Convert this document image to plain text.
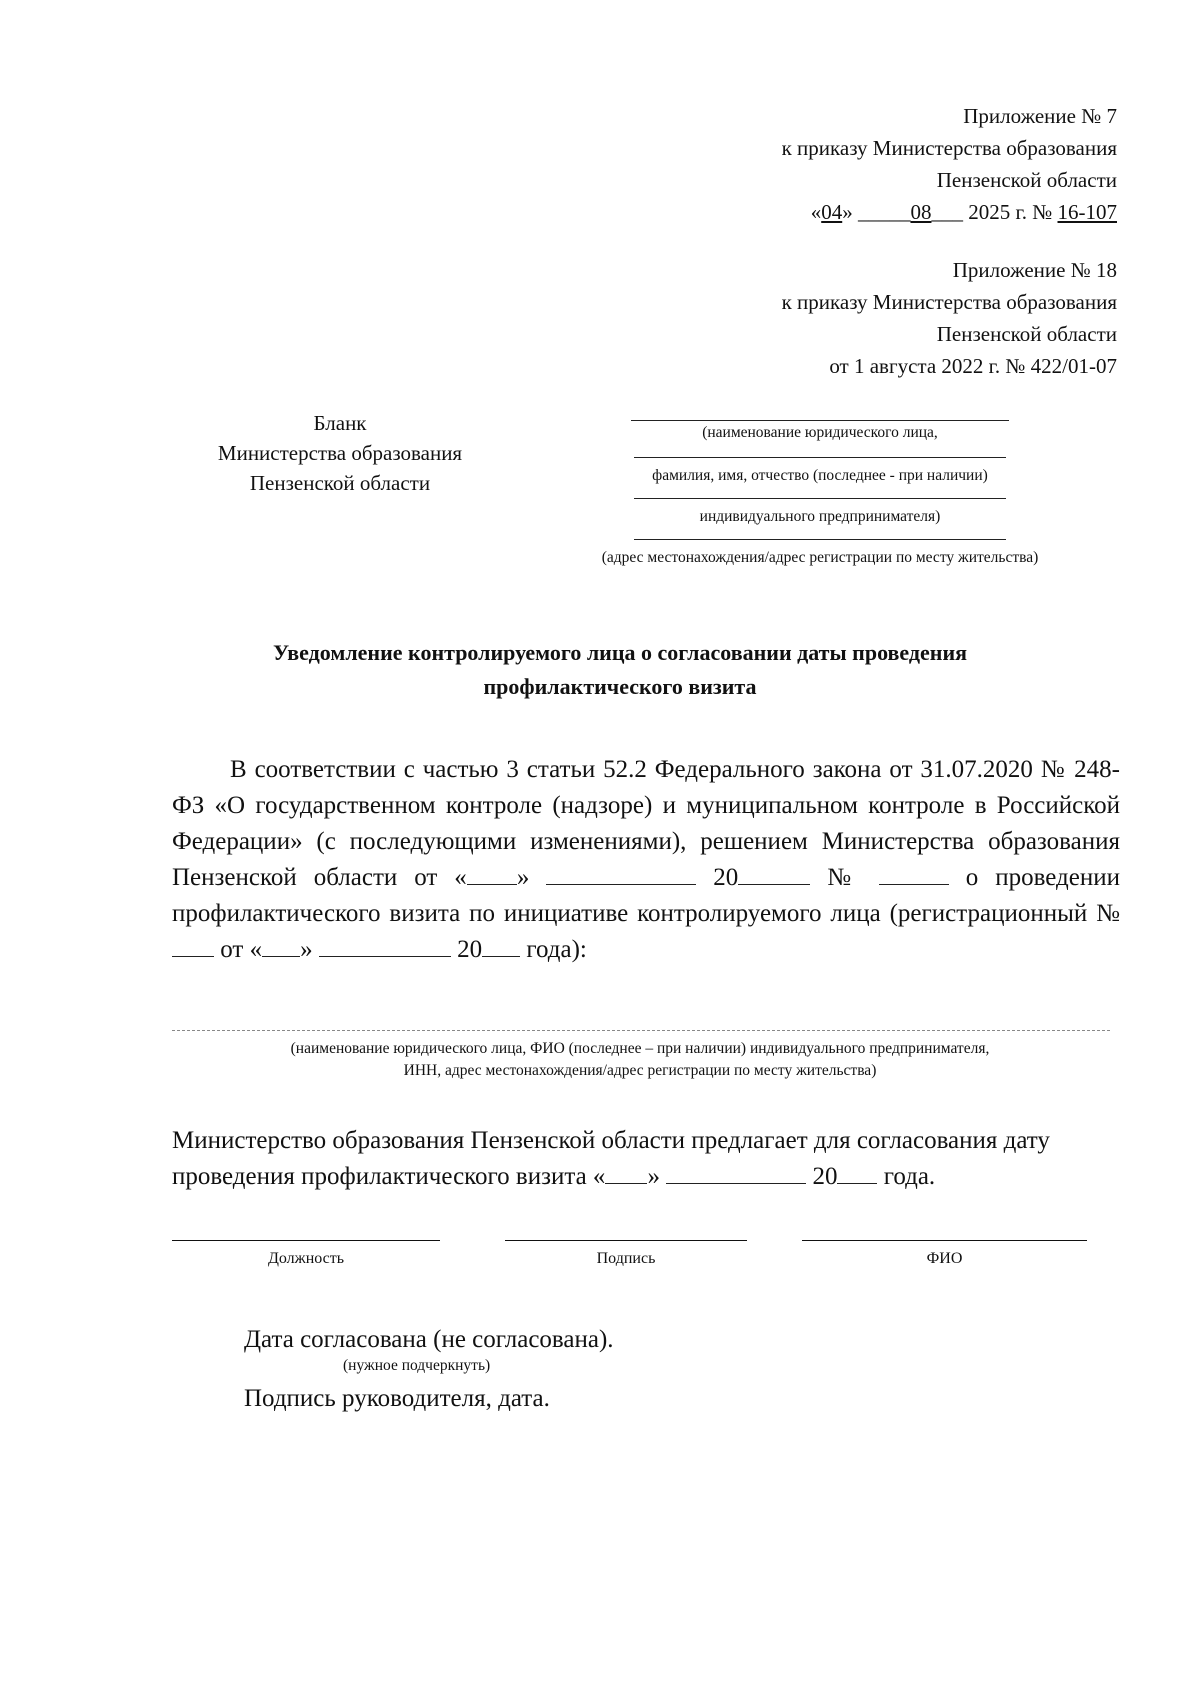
Приложение № 7
к приказу Министерства образования
Пензенской области
«04» _____08___ 2025 г. № 16-107
Приложение № 18
к приказу Министерства образования
Пензенской области
от 1 августа 2022 г. № 422/01-07
Бланк
Министерства образования
Пензенской области
(наименование юридического лица,
фамилия, имя, отчество (последнее - при наличии)
индивидуального предпринимателя)
(адрес местонахождения/адрес регистрации по месту жительства)
Уведомление контролируемого лица о согласовании даты проведения
профилактического визита
В соответствии с частью 3 статьи 52.2 Федерального закона от 31.07.2020 № 248-ФЗ «О государственном контроле (надзоре) и муниципальном контроле в Российской Федерации» (с последующими изменениями), решением Министерства образования Пензенской области от « »	20	№	о проведении профилактического визита по инициативе контролируемого лица (регистрационный №  от « »	20 года):
(наименование юридического лица, ФИО (последнее – при наличии) индивидуального предпринимателя,
ИНН, адрес местонахождения/адрес регистрации по месту жительства)
Министерство образования Пензенской области предлагает для согласования дату проведения профилактического визита « »	20 года.
Должность	Подпись	ФИО
Дата согласована (не согласована).
(нужное подчеркнуть)
Подпись руководителя, дата.
